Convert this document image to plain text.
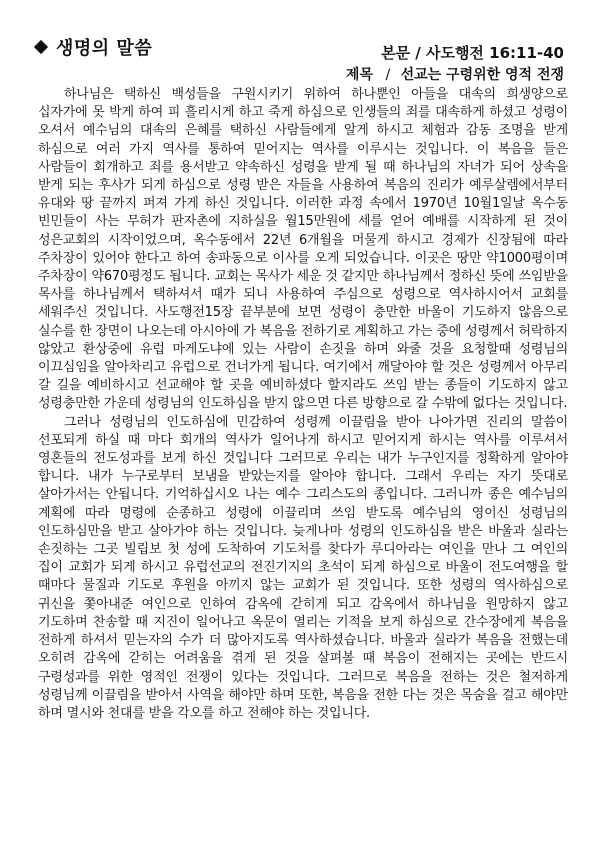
생명의 말씀	본문 / 사도행전 16:11-40
제목 / 선교는 구령위한 영적 전쟁

하나님은 택하신 백성들을 구원시키기 위하여 하나뿐인 아들을 대속의 희생양으로 십자가에 못 박게 하여 피 흘리시게 하고 죽게 하심으로 인생들의 죄를 대속하게 하셨고 성령이 오셔서 예수님의 대속의 은혜를 택하신 사람들에게 알게 하시고 체험과 감동 조명을 받게 하심으로 여러 가지 역사를 통하여 믿어지는 역사를 이루시는 것입니다. 이 복음을 들은 사람들이 회개하고 죄를 용서받고 약속하신 성령을 받게 될 때 하나님의 자녀가 되어 상속을 받게 되는 후사가 되게 하심으로 성령 받은 자들을 사용하여 복음의 진리가 예루살렘에서부터 유대와 땅 끝까지 퍼져 가게 하신 것입니다. 이러한 과정 속에서 1970년 10월1일날 옥수동 빈민들이 사는 무허가 판자촌에 지하실을 월15만원에 세를 얻어 예배를 시작하게 된 것이 성은교회의 시작이었으며, 옥수동에서 22년 6개월을 머물게 하시고 경제가 신장됨에 따라 주차장이 있어야 한다고 하여 송파동으로 이사를 오게 되었습니다. 이곳은 땅만 약1000평이며 주차장이 약670평정도 됩니다. 교회는 목사가 세운 것 같지만 하나님께서 정하신 뜻에 쓰임받을 목사를 하나님께서 택하셔서 때가 되니 사용하여 주심으로 성령으로 역사하시어서 교회를 세워주신 것입니다. 사도행전15장 끝부분에 보면 성령이 충만한 바울이 기도하지 않음으로 실수를 한 장면이 나오는데 아시아에 가 복음을 전하기로 계획하고 가는 중에 성령께서 허락하지 않았고 환상중에 유럽 마게도냐에 있는 사람이 손짓을 하며 와줄 것을 요청할때 성령님의 이끄심임을 알아차리고 유럽으로 건너가게 됩니다. 여기에서 깨달아야 할 것은 성령께서 아무리 갈 길을 예비하시고 선교해야 할 곳을 예비하셨다 할지라도 쓰임 받는 종들이 기도하지 않고 성령충만한 가운데 성령님의 인도하심을 받지 않으면 다른 방향으로 갈 수밖에 없다는 것입니다.

그러나 성령님의 인도하심에 민감하여 성령께 이끌림을 받아 나아가면 진리의 말씀이 선포되게 하실 때 마다 회개의 역사가 일어나게 하시고 믿어지게 하시는 역사를 이루셔서 영혼들의 전도성과를 보게 하신 것입니다 그러므로 우리는 내가 누구인지를 정확하게 알아야 합니다. 내가 누구로부터 보냄을 받았는지를 알아야 합니다. 그래서 우리는 자기 뜻대로 살아가서는 안됩니다. 기억하십시오 나는 예수 그리스도의 종입니다. 그러니까 종은 예수님의 계획에 따라 명령에 순종하고 성령에 이끌리며 쓰임 받도록 예수님의 영이신 성령님의 인도하심만을 받고 살아가야 하는 것입니다. 늦게나마 성령의 인도하심을 받은 바울과 실라는 손짓하는 그곳 빌립보 첫 성에 도착하여 기도처를 찾다가 루디아라는 여인을 만나 그 여인의 집이 교회가 되게 하시고 유럽선교의 전진기지의 초석이 되게 하심으로 바울이 전도여행을 할 때마다 물질과 기도로 후원을 아끼지 않는 교회가 된 것입니다. 또한 성령의 역사하심으로 귀신을 쫓아내준 여인으로 인하여 감옥에 갇히게 되고 감옥에서 하나님을 원망하지 않고 기도하며 찬송할 때 지진이 일어나고 옥문이 열리는 기적을 보게 하심으로 간수장에게 복음을 전하게 하셔서 믿는자의 수가 더 많아지도록 역사하셨습니다. 바울과 실라가 복음을 전했는데 오히려 감옥에 갇히는 어려움을 겪게 된 것을 살펴볼 때 복음이 전해지는 곳에는 반드시 구령성과를 위한 영적인 전쟁이 있다는 것입니다. 그러므로 복음을 전하는 것은 철저하게 성령님께 이끌림을 받아서 사역을 해야만 하며 또한, 복음을 전한 다는 것은 목숨을 걸고 해야만 하며 멸시와 천대를 받을 각오를 하고 전해야 하는 것입니다.
